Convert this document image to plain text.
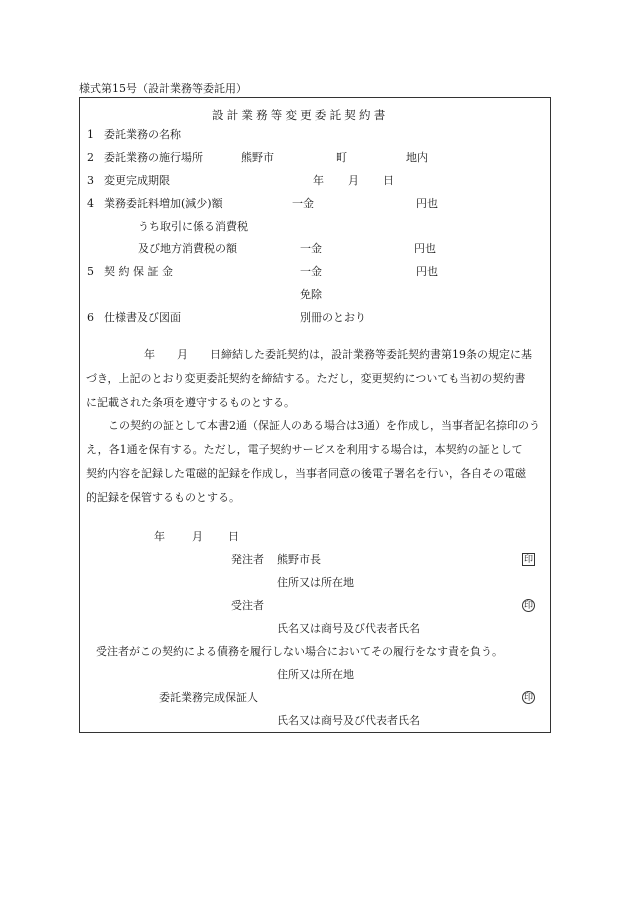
様式第15号（設計業務等委託用）
設計業務等変更委託契約書
1 委託業務の名称
2 委託業務の施行場所	熊野市	町	地内
3 変更完成期限	年 月 日
4 業務委託料増加(減少)額	一金	円也
うち取引に係る消費税
及び地方消費税の額	一金	円也
5 契 約 保 証 金	一金	円也
免除
6 仕様書及び図面	別冊のとおり
年　　月　　日締結した委託契約は，設計業務等委託契約書第19条の規定に基
づき，上記のとおり変更委託契約を締結する。ただし，変更契約についても当初の契約書
に記載された条項を遵守するものとする。
この契約の証として本書2通（保証人のある場合は3通）を作成し，当事者記名捺印のう
え，各1通を保有する。ただし，電子契約サービスを利用する場合は，本契約の証として
契約内容を記録した電磁的記録を作成し，当事者同意の後電子署名を行い，各自その電磁
的記録を保管するものとする。
年 月 日
発注者 熊野市長	印
住所又は所在地
受注者	印
氏名又は商号及び代表者氏名
受注者がこの契約による債務を履行しない場合においてその履行をなす責を負う。
住所又は所在地
委託業務完成保証人	印
氏名又は商号及び代表者氏名
